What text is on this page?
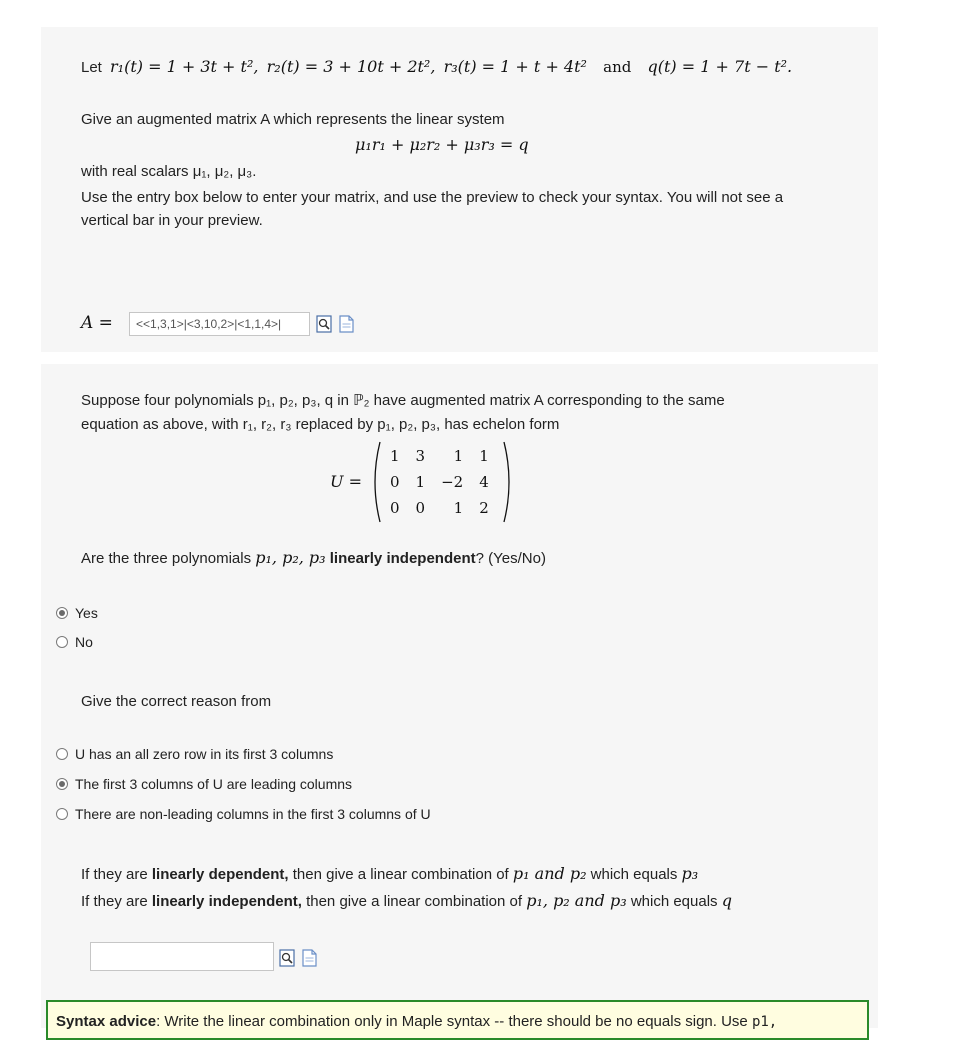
Let r₁(t) = 1 + 3t + t², r₂(t) = 3 + 10t + 2t², r₃(t) = 1 + t + 4t² and q(t) = 1 + 7t − t².
Give an augmented matrix A which represents the linear system
μ₁r₁ + μ₂r₂ + μ₃r₃ = q
with real scalars μ₁, μ₂, μ₃.
Use the entry box below to enter your matrix, and use the preview to check your syntax. You will not see a
vertical bar in your preview.
A =	<<1,3,1>|<3,10,2>|<1,1,4>|
Suppose four polynomials p₁, p₂, p₃, q in ℙ₂ have augmented matrix A corresponding to the same
equation as above, with r₁, r₂, r₃ replaced by p₁, p₂, p₃, has echelon form
U =
1	3	1	1
0	1	−2	4
0	0	1	2
Are the three polynomials p₁, p₂, p₃ linearly independent? (Yes/No)
Yes
No
Give the correct reason from
U has an all zero row in its first 3 columns
The first 3 columns of U are leading columns
There are non-leading columns in the first 3 columns of U
If they are linearly dependent, then give a linear combination of p₁ and p₂ which equals p₃
If they are linearly independent, then give a linear combination of p₁, p₂ and p₃ which equals q
Syntax advice: Write the linear combination only in Maple syntax -- there should be no equals sign. Use p1,
